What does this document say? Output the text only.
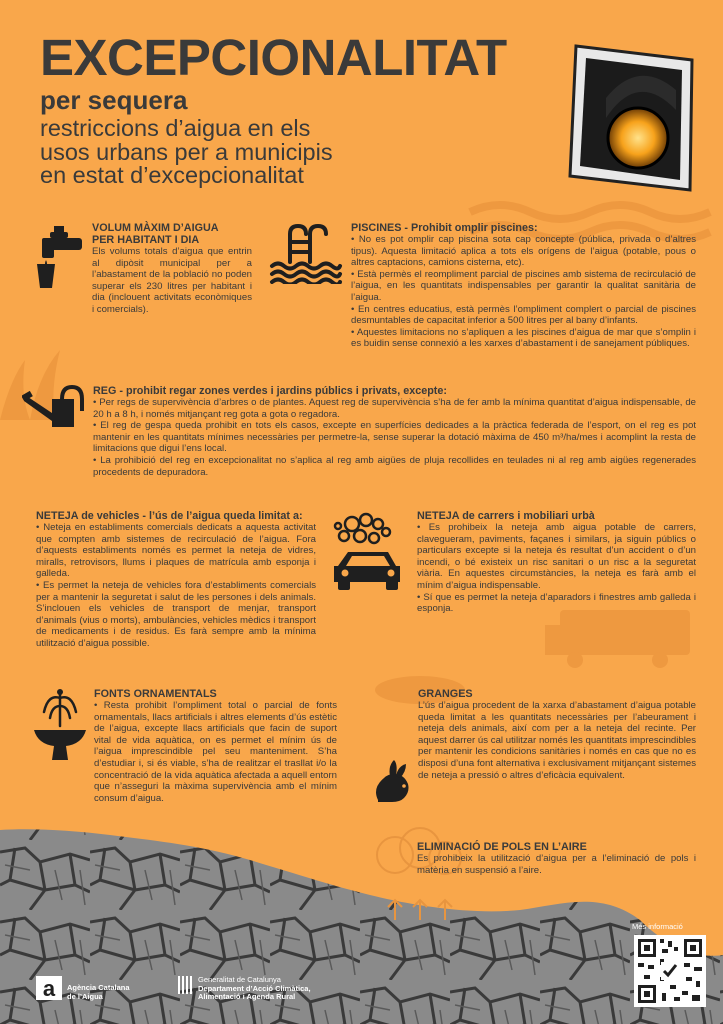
EXCEPCIONALITAT
per sequera
restriccions d’aigua en els
usos urbans per a municipis
en estat d’excepcionalitat
VOLUM MÀXIM D’AIGUA
PER HABITANT I DIA
Els volums totals d’aigua que entrin al dipòsit municipal per a l’abastament de la població no poden superar els 230 litres per habitant i dia (inclouent activitats econòmiques i comercials).
PISCINES - Prohibit omplir piscines:

• No es pot omplir cap piscina sota cap concepte (pública, privada o d’altres tipus). Aquesta limitació aplica a tots els orígens de l’aigua (potable, pous o altres captacions, camions cisterna, etc).

• Està permès el reompliment parcial de piscines amb sistema de recirculació de l’aigua, en les quantitats indispensables per garantir la qualitat sanitària de l’aigua.

• En centres educatius, està permès l’ompliment complert o parcial de piscines desmuntables de capacitat inferior a 500 litres per al bany d’infants.

• Aquestes limitacions no s’apliquen a les piscines d’aigua de mar que s’omplin i es buidin sense connexió a les xarxes d’abastament i de sanejament públiques.

REG - prohibit regar zones verdes i jardins públics i privats, excepte:

• Per regs de supervivència d’arbres o de plantes. Aquest reg de supervivència s’ha de fer amb la mínima quantitat d’aigua indispensable, de 20 h a 8 h, i només mitjançant reg gota a gota o regadora.

• El reg de gespa queda prohibit en tots els casos, excepte en superfícies dedicades a la pràctica federada de l’esport, on el reg es pot mantenir en les quantitats mínimes necessàries per permetre-la, sense superar la dotació màxima de 450 m³/ha/mes i acomplint la resta de limitacions que digui l’ens local.

• La prohibició del reg en excepcionalitat no s’aplica al reg amb aigües de pluja recollides en teulades ni al reg amb aigües regenerades procedents de depuradora.

NETEJA de vehicles - l’ús de l’aigua queda limitat a:

• Neteja en establiments comercials dedicats a aquesta activitat que compten amb sistemes de recirculació de l’aigua. Fora d’aquests establiments només es permet la neteja de vidres, miralls, retrovisors, llums i plaques de matrícula amb esponja i galleda.

• Es permet la neteja de vehicles fora d’establiments comercials per a mantenir la seguretat i salut de les persones i dels animals. S’inclouen els vehicles de transport de menjar, transport d’animals (vius o morts), ambulàncies, vehicles mèdics i transport de medicaments i de residus. Es farà sempre amb la mínima utilització d’aigua possible.

NETEJA de carrers i mobiliari urbà

• Es prohibeix la neteja amb aigua potable de carrers, clavegueram, paviments, façanes i similars, ja siguin públics o particulars excepte si la neteja és resultat d’un accident o d’un incendi, o bé existeix un risc sanitari o un risc a la seguretat viària. En aquestes circumstàncies, la neteja es farà amb el mínim d’aigua indispensable.

• Sí que es permet la neteja d’aparadors i finestres amb galleda i esponja.

FONTS ORNAMENTALS
• Resta prohibit l’ompliment total o parcial de fonts ornamentals, llacs artificials i altres elements d’ús estètic de l’aigua, excepte llacs artificials que facin de suport vital de vida aquàtica, on es permet el mínim ús de l’aigua imprescindible pel seu manteniment. S’ha d’estudiar i, si és viable, s’ha de realitzar el trasllat i/o la concentració de la vida aquàtica afectada a aquell entorn que n’asseguri la màxima supervivència amb el mínim consum d’aigua.
GRANGES
L’ús d’aigua procedent de la xarxa d’abastament d’aigua potable queda limitat a les quantitats necessàries per l’abeurament i neteja dels animals, així com per a la neteja del recinte. Per aquest darrer ús cal utilitzar només les quantitats imprescindibles per mantenir les condicions sanitàries i només en cas que no es disposi d’una font alternativa i exclusivament mitjançant sistemes de neteja a pressió o altres d’eficàcia equivalent.
ELIMINACIÓ DE POLS EN L’AIRE
Es prohibeix la utilització d’aigua per a l’eliminació de pols i matèria en suspensió a l’aire.
Més informació
a Agència Catalana
de l’Aigua
Generalitat de Catalunya
Departament d’Acció Climàtica,
Alimentació i Agenda Rural
